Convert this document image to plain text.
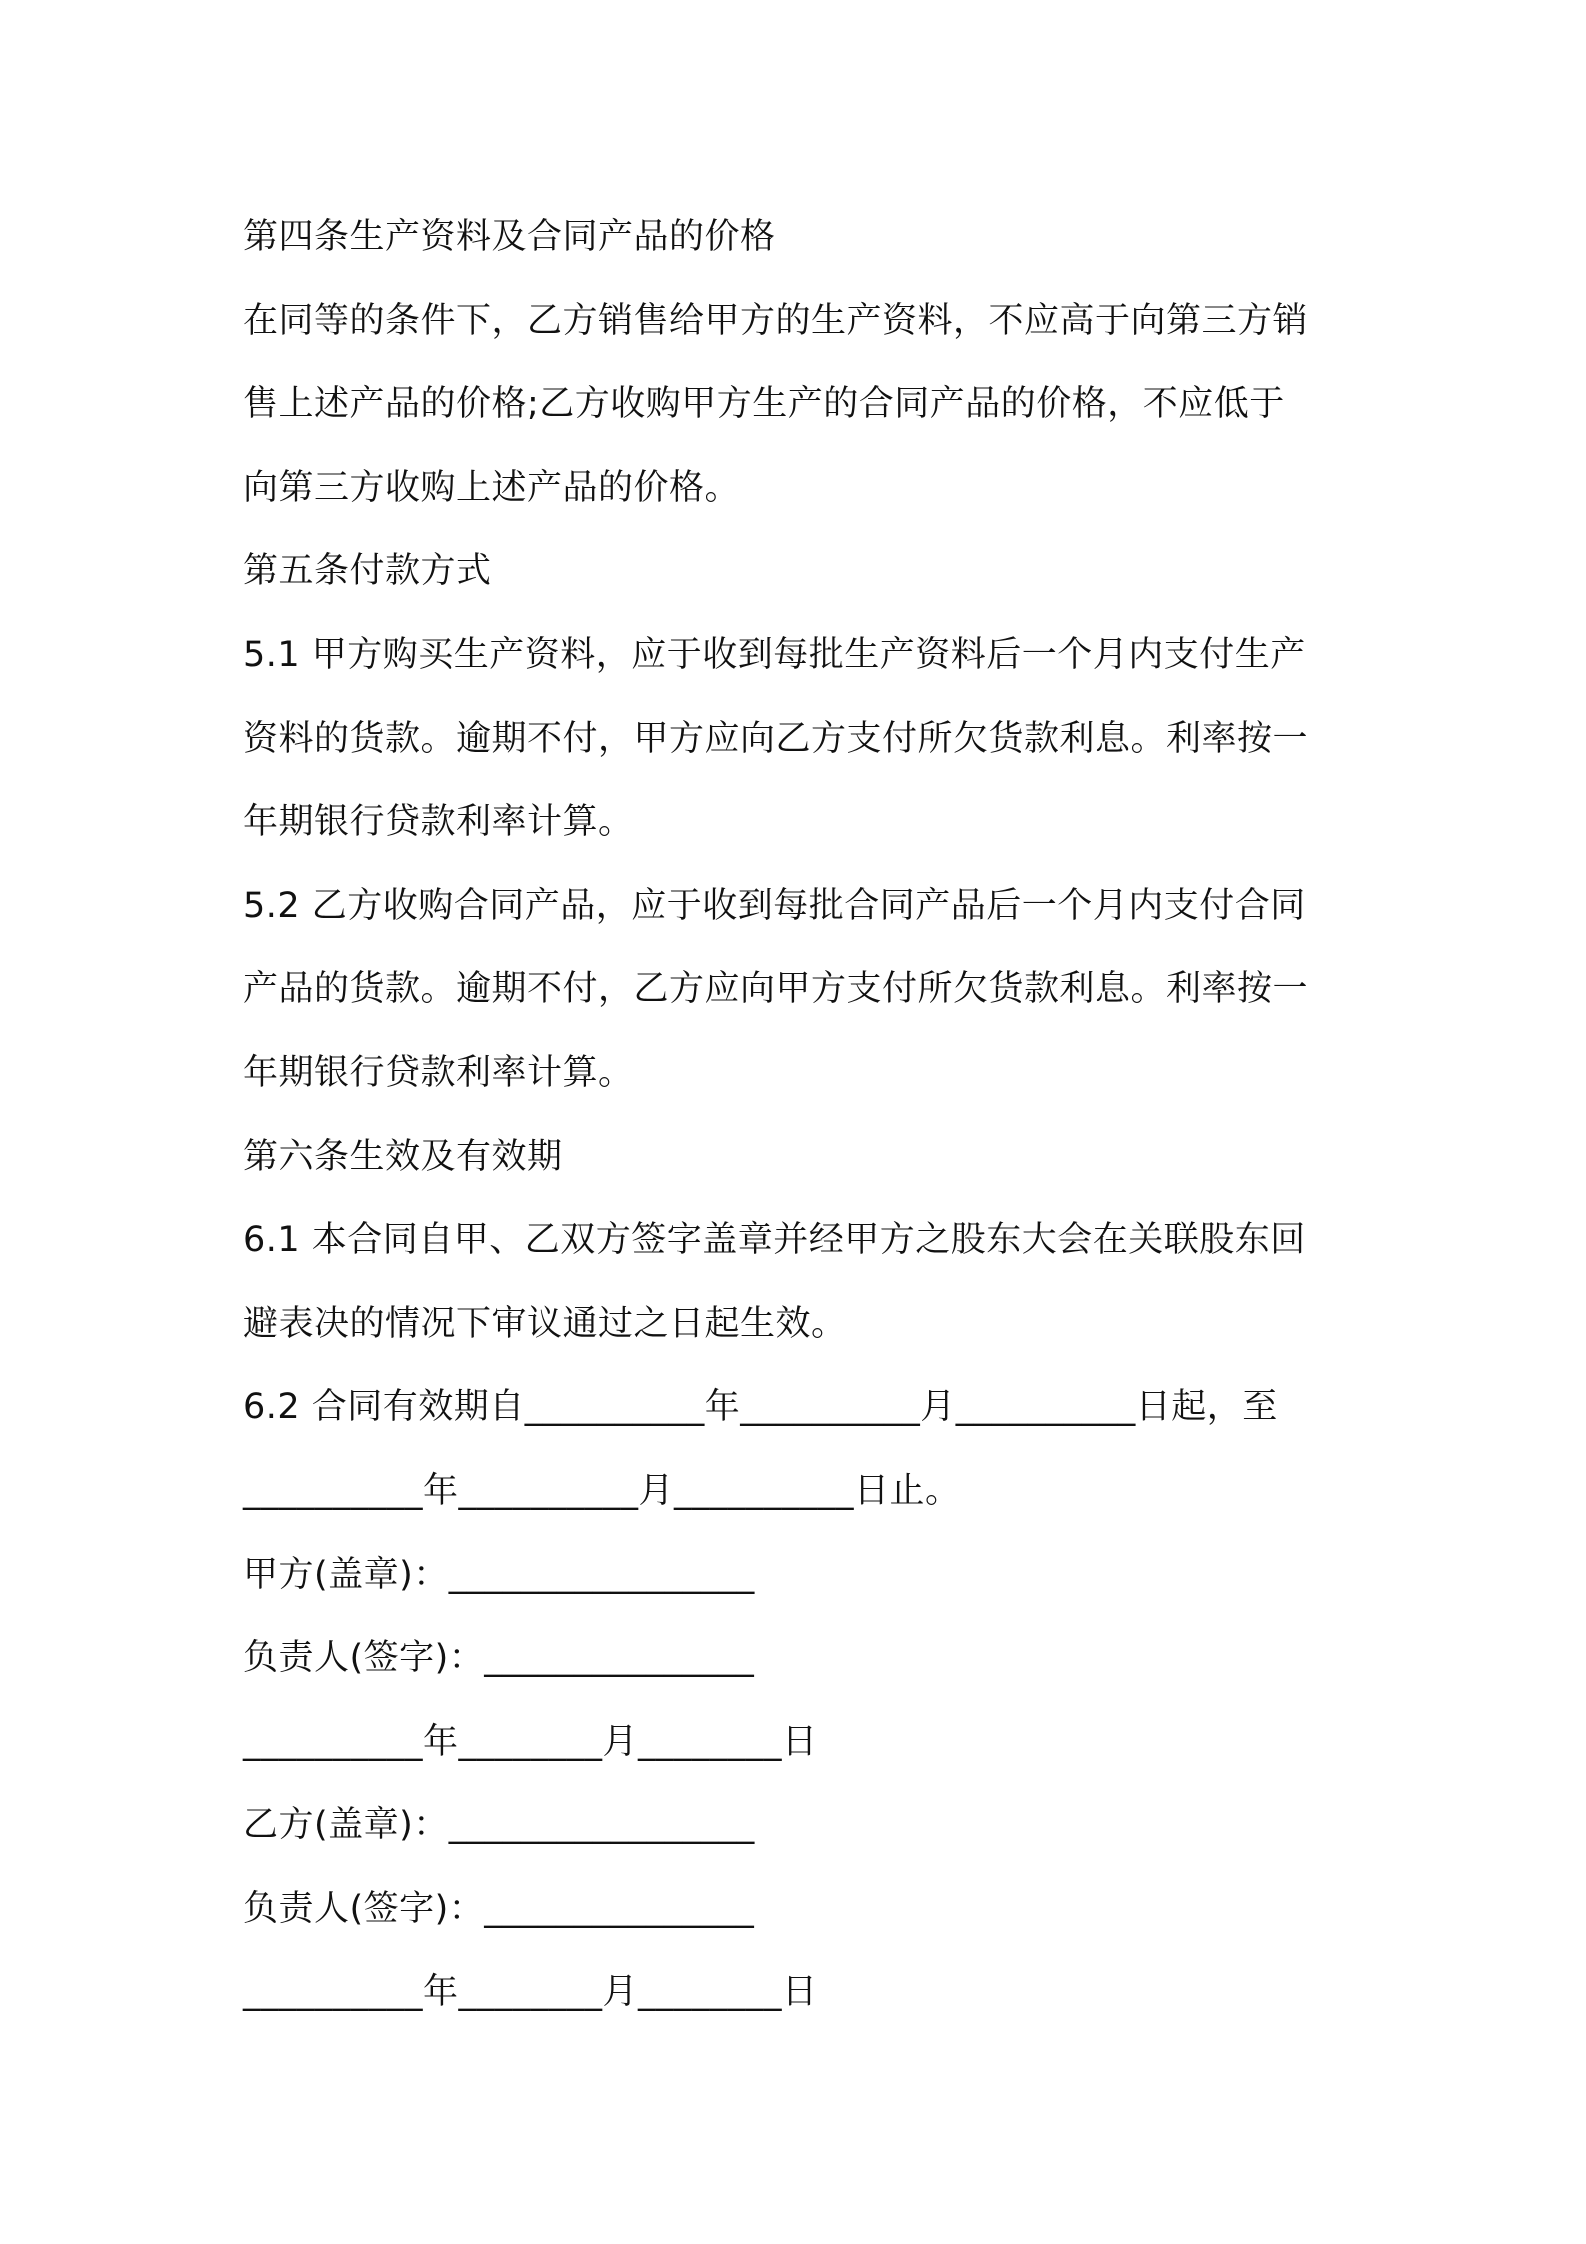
第四条生产资料及合同产品的价格
在同等的条件下，乙方销售给甲方的生产资料，不应高于向第三方销
售上述产品的价格;乙方收购甲方生产的合同产品的价格，不应低于
向第三方收购上述产品的价格。
第五条付款方式
5.1 甲方购买生产资料，应于收到每批生产资料后一个月内支付生产
资料的货款。逾期不付，甲方应向乙方支付所欠货款利息。利率按一
年期银行贷款利率计算。
5.2 乙方收购合同产品，应于收到每批合同产品后一个月内支付合同
产品的货款。逾期不付，乙方应向甲方支付所欠货款利息。利率按一
年期银行贷款利率计算。
第六条生效及有效期
6.1 本合同自甲、乙双方签字盖章并经甲方之股东大会在关联股东回
避表决的情况下审议通过之日起生效。
6.2 合同有效期自__________年__________月__________日起，至
__________年__________月__________日止。
甲方(盖章)：_________________
负责人(签字)：_______________
__________年________月________日
乙方(盖章)：_________________
负责人(签字)：_______________
__________年________月________日
